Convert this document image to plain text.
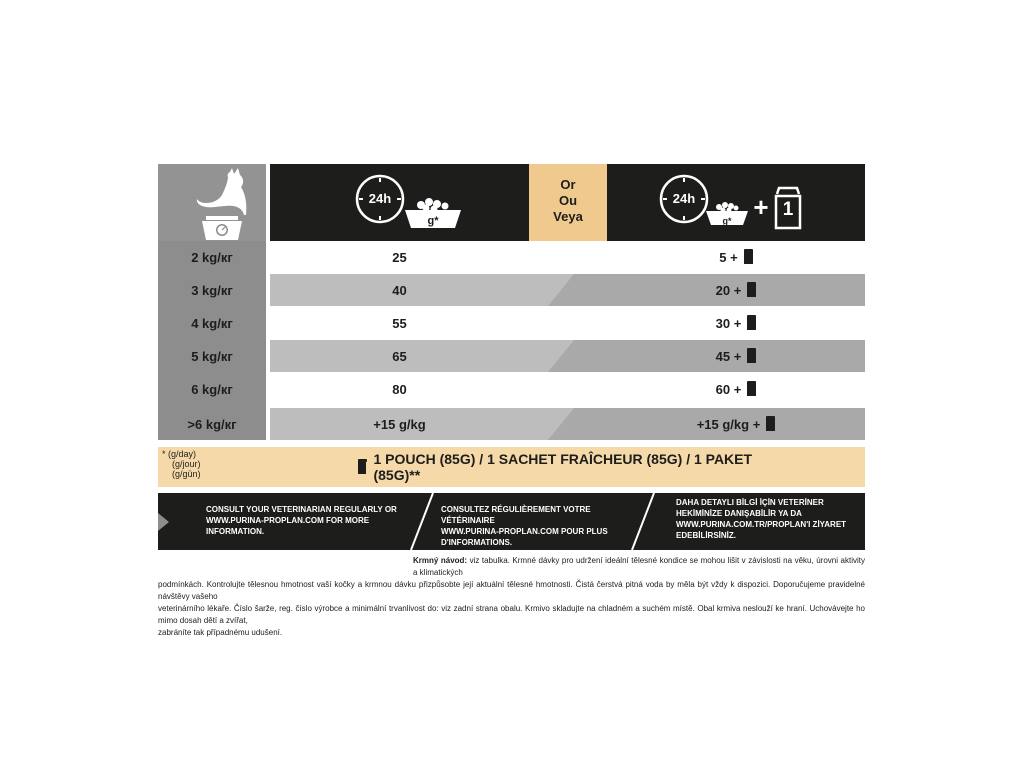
Or
Ou
Veya
24h
g*
24h
g* + 1
2 kg/кг	25	5 +
3 kg/кг	40	20 +
4 kg/кг	55	30 +
5 kg/кг	65	45 +
6 kg/кг	80	60 +
>6 kg/кг	+15 g/kg	+15 g/kg +
* (g/day)
(g/jour)
(g/gün)
1 POUCH (85G) / 1 SACHET FRAÎCHEUR (85G) / 1 PAKET (85G)**
CONSULT YOUR VETERINARIAN REGULARLY OR
WWW.PURINA-PROPLAN.COM FOR MORE
INFORMATION.
CONSULTEZ RÉGULIÈREMENT VOTRE VÉTÉRINAIRE
WWW.PURINA-PROPLAN.COM POUR PLUS
D'INFORMATIONS.
DAHA DETAYLI BİLGİ İÇİN VETERİNER
HEKİMİNİZE DANIŞABİLİR YA DA
WWW.PURINA.COM.TR/PROPLAN'I ZİYARET
EDEBİLİRSİNİZ.
Krmný návod: viz tabulka. Krmné dávky pro udržení ideální tělesné kondice se mohou lišit v závislosti na věku, úrovni aktivity a klimatických
podmínkách. Kontrolujte tělesnou hmotnost vaší kočky a krmnou dávku přizpůsobte její aktuální tělesné hmotnosti. Čistá čerstvá pitná voda by měla být vždy k dispozici. Doporučujeme pravidelné návštěvy vašeho
veterinárního lékaře. Číslo šarže, reg. číslo výrobce a minimální trvanlivost do: viz zadní strana obalu. Krmivo skladujte na chladném a suchém místě. Obal krmiva neslouží ke hraní. Uchovávejte ho mimo dosah dětí a zvířat,
zabráníte tak případnému udušení.
